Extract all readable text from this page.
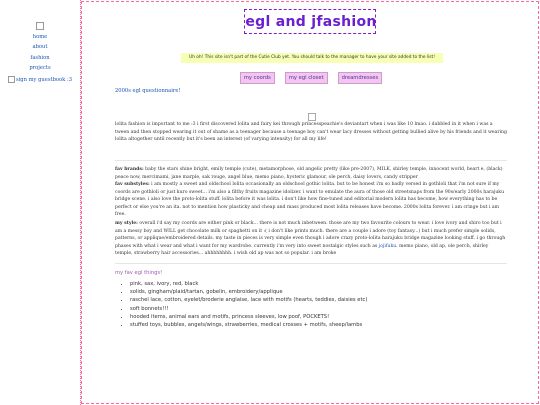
home
about
fashion
projects
sign my guestbook :3
egl and jfashion
Uh oh! This site isn't part of the Cutie Club yet. You should talk to the manager to have your site added to the list!
my coords	my egl closet	dreamdresses
2000s egl questionnaire!
lolita fashion is important to me :3 i first discovered lolita and fairy kei through princesspeachie's deviantart when i was like 10 lmao. i dabbled in it when i was a tween and then stopped wearing it out of shame as a teenager because a teenage boy can't wear lacy dresses without getting bullied alive by his friends and it wearing lolita altogether until recently but it's been an interest (of varying intensity) for all my life!
fav brands: baby the stars shine bright, emily temple (cute), metamorphose, old angelic pretty (like pre-2007), MILK, shirley temple, innocent world, heart e, (black) peace now, mercimami, jane marple, sak rouge, angel blue, memo piano, hysteric glamour, ole perch, daisy lovers, candy stripper
fav substyles: i am mostly a sweet and oldschool lolita occasionally an oldschool gothic lolita. but to be honest i'm so badly versed in gothloli that i'm not sure if my coords are gothloli or just kuro sweet... i'm also a filthy fruits magazine idolizer. i want to emulate the aura of those old streetsnaps from the 90s/early 2000s harajuku bridge scene. i also love the proto-lolita stuff. lolita before it was lolita. i don't like how fine-tuned and editorial modern lolita has become, how everything has to be perfect or else you're an ita. not to mention how plasticky and cheap and mass produced most lolita releases have become. 2000s lolita forever. i am cringe but i am free.
my style: overall i'd say my coords are either pink or black... there is not much inbetween. those are my two favourite colours to wear. i love ivory and shiro too but i am a messy boy and WILL get chocolate milk or spaghetti on it :( i don't like prints much. there are a couple i adore (toy fantasy...) but i much prefer simple solids, patterns, or applique/embroidered details. my taste in pieces is very simple even though i adore crazy proto-lolita harajuku bridge magazine looking stuff. i go through phases with what i wear and what i want for my wardrobe. currently i'm very into sweet nostalgic styles such as jojifuku. memo piano, old ap, ole perch, shirley temple, strawberry hair accessories... ahhhhhhhh. i wish old ap was not so popular. i am broke
my fav egl things!
• pink, sax, ivory, red, black
• solids, gingham/plaid/tartan, gobelin, embroidery/applique
• raschel lace, cotton, eyelet/broderie anglaise, lace with motifs (hearts, teddies, daisies etc)
• soft bonnets!!!
• hooded items, animal ears and motifs, princess sleeves, low poof, POCKETS!
• stuffed toys, bubbles, angels/wings, strawberries, medical crosses + motifs, sheep/lambs
